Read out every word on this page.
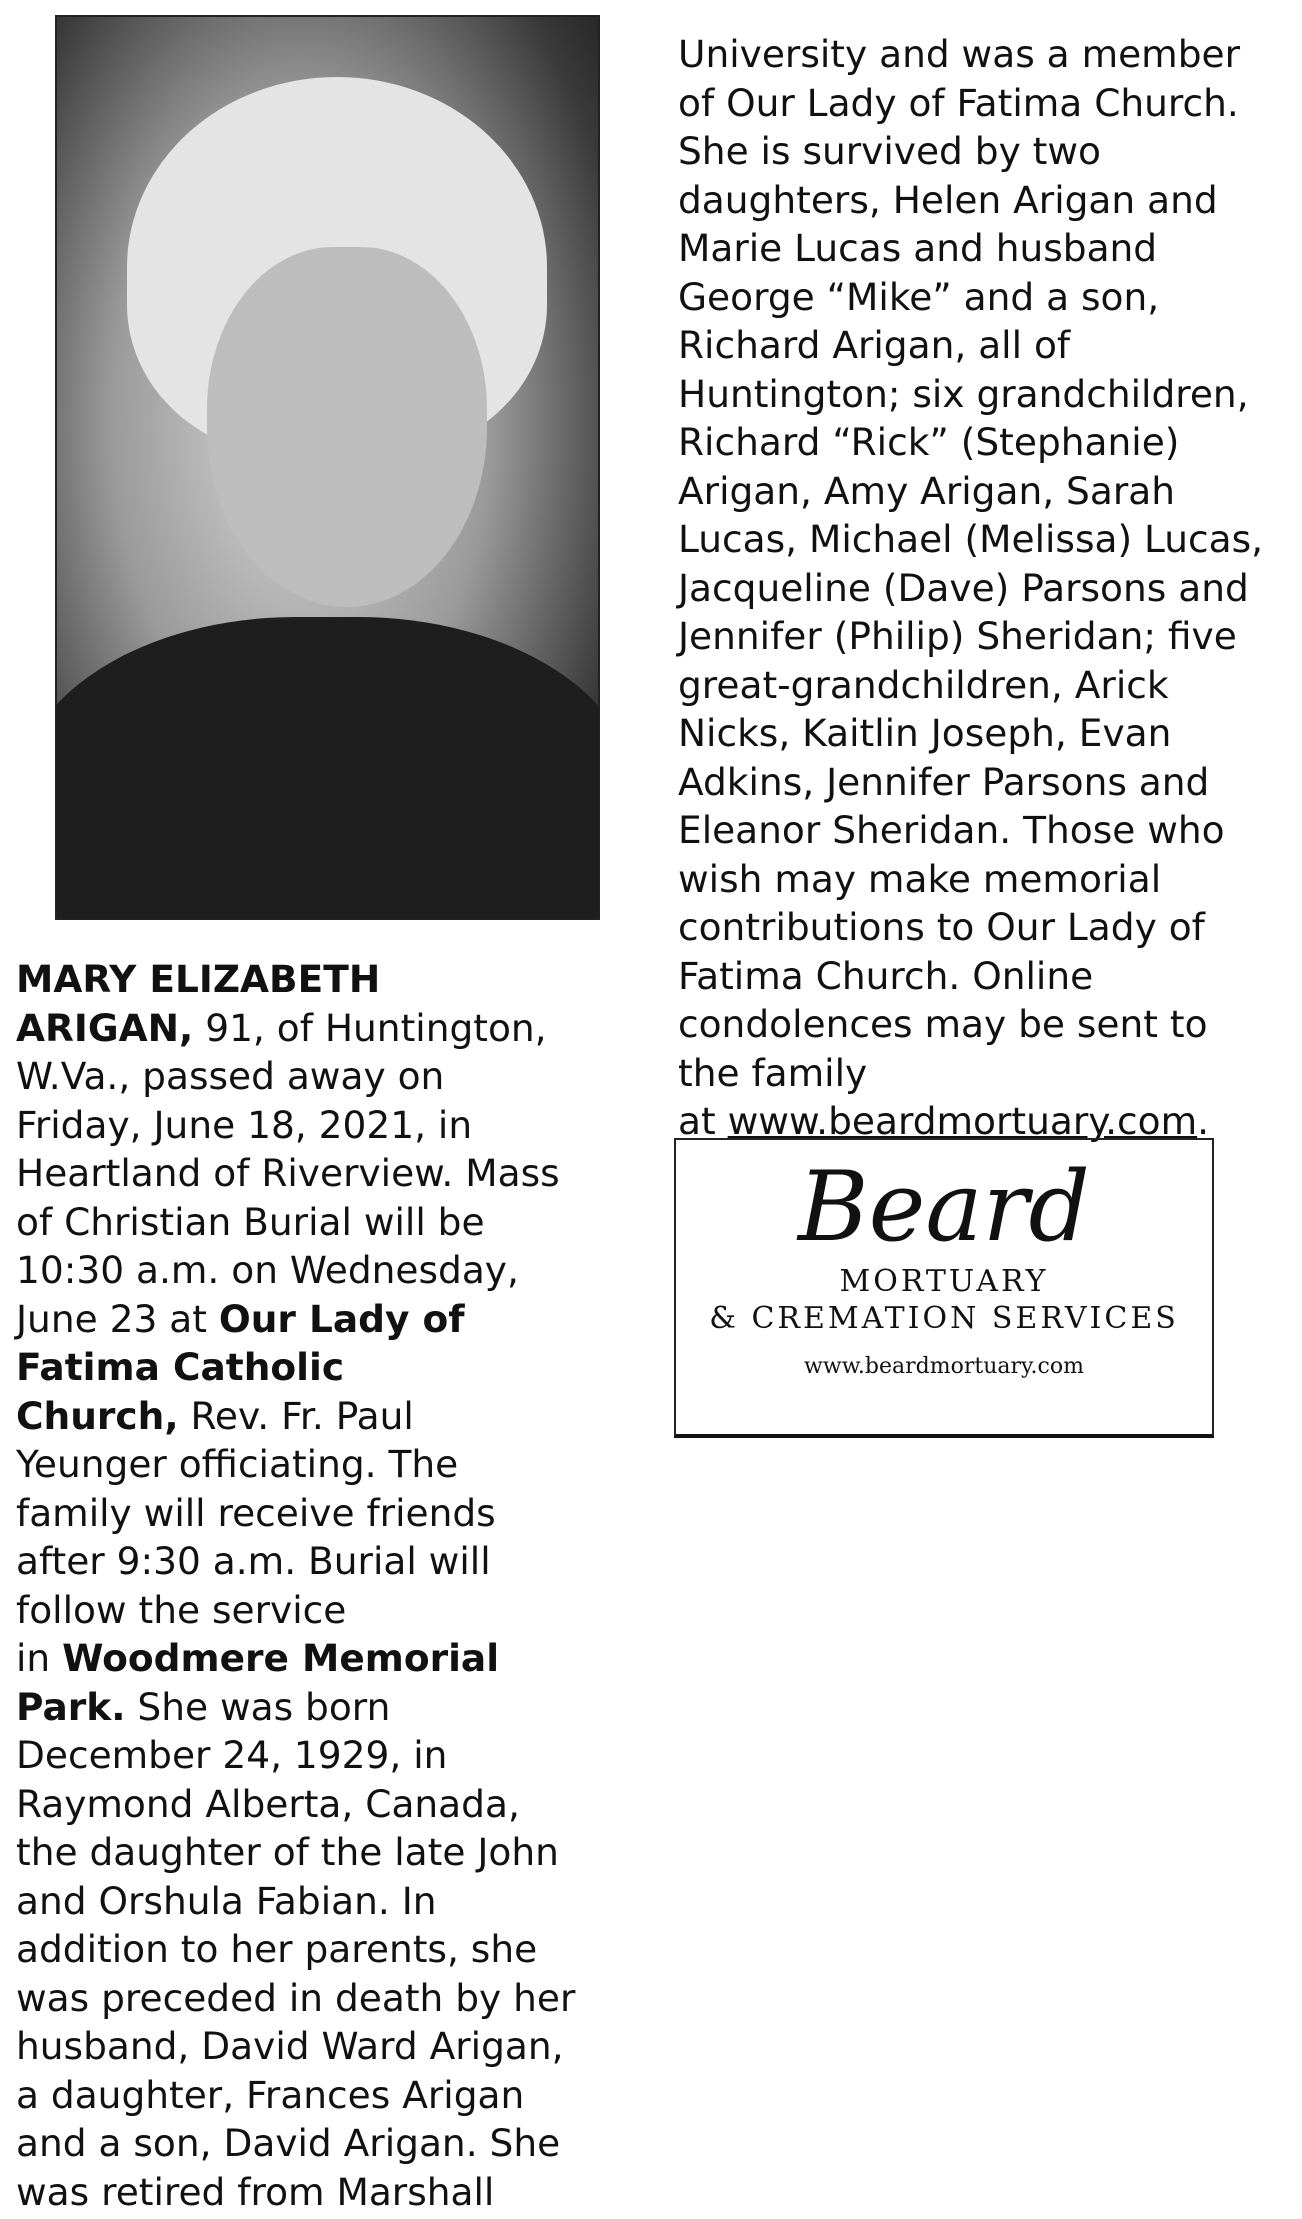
MARY ELIZABETH
ARIGAN, 91, of Huntington,
W.Va., passed away on
Friday, June 18, 2021, in
Heartland of Riverview. Mass
of Christian Burial will be
10:30 a.m. on Wednesday,
June 23 at Our Lady of
Fatima Catholic
Church, Rev. Fr. Paul
Yeunger officiating. The
family will receive friends
after 9:30 a.m. Burial will
follow the service
in Woodmere Memorial
Park. She was born
December 24, 1929, in
Raymond Alberta, Canada,
the daughter of the late John
and Orshula Fabian. In
addition to her parents, she
was preceded in death by her
husband, David Ward Arigan,
a daughter, Frances Arigan
and a son, David Arigan. She
was retired from Marshall
University and was a member
of Our Lady of Fatima Church.
She is survived by two
daughters, Helen Arigan and
Marie Lucas and husband
George “Mike” and a son,
Richard Arigan, all of
Huntington; six grandchildren,
Richard “Rick” (Stephanie)
Arigan, Amy Arigan, Sarah
Lucas, Michael (Melissa) Lucas,
Jacqueline (Dave) Parsons and
Jennifer (Philip) Sheridan; five
great-grandchildren, Arick
Nicks, Kaitlin Joseph, Evan
Adkins, Jennifer Parsons and
Eleanor Sheridan. Those who
wish may make memorial
contributions to Our Lady of
Fatima Church. Online
condolences may be sent to
the family
at www.beardmortuary.com.
Beard
MORTUARY
& CREMATION SERVICES
www.beardmortuary.com
